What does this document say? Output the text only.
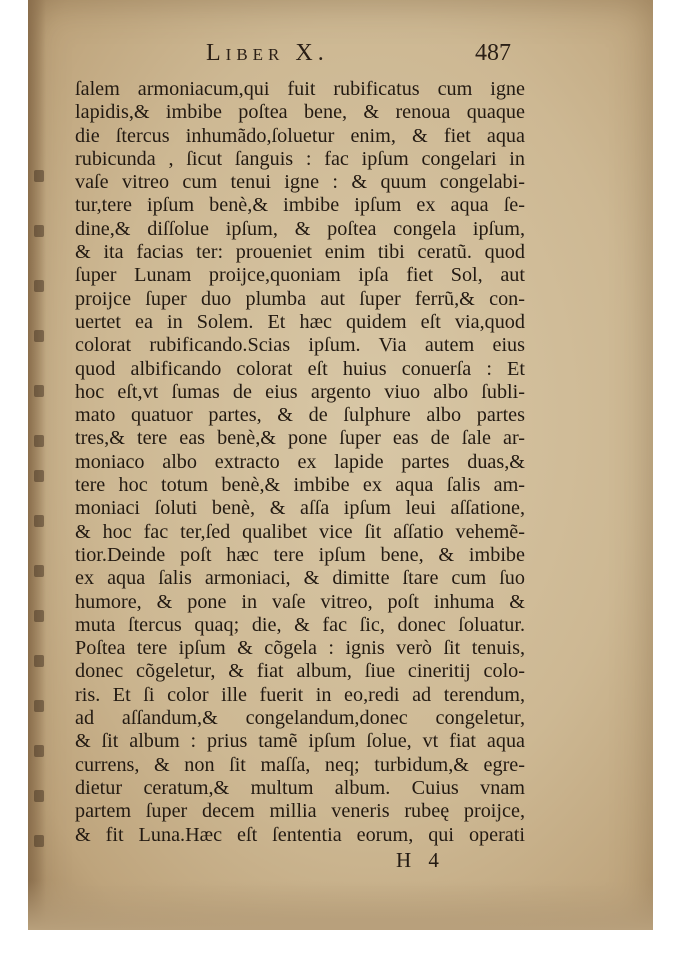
Liber X.	487
ſalem armoniacum,qui fuit rubificatus cum igne
lapidis,& imbibe poſtea bene, & renoua quaque
die ſtercus inhumãdo,ſoluetur enim, & fiet aqua
rubicunda , ſicut ſanguis : fac ipſum congelari in
vaſe vitreo cum tenui igne : & quum congelabi-
tur,tere ipſum benè,& imbibe ipſum ex aqua ſe-
dine,& diſſolue ipſum, & poſtea congela ipſum,
& ita facias ter: proueniet enim tibi ceratũ. quod
ſuper Lunam proijce,quoniam ipſa fiet Sol, aut
proijce ſuper duo plumba aut ſuper ferrũ,& con-
uertet ea in Solem. Et hæc quidem eſt via,quod
colorat rubificando.Scias ipſum. Via autem eius
quod albificando colorat eſt huius conuerſa : Et
hoc eſt,vt ſumas de eius argento viuo albo ſubli-
mato quatuor partes, & de ſulphure albo partes
tres,& tere eas benè,& pone ſuper eas de ſale ar-
moniaco albo extracto ex lapide partes duas,&
tere hoc totum benè,& imbibe ex aqua ſalis am-
moniaci ſoluti benè, & aſſa ipſum leui aſſatione,
& hoc fac ter,ſed qualibet vice ſit aſſatio vehemẽ-
tior.Deinde poſt hæc tere ipſum bene, & imbibe
ex aqua ſalis armoniaci, & dimitte ſtare cum ſuo
humore, & pone in vaſe vitreo, poſt inhuma &
muta ſtercus quaq; die, & fac ſic, donec ſoluatur.
Poſtea tere ipſum & cõgela : ignis verò ſit tenuis,
donec cõgeletur, & fiat album, ſiue cineritij colo-
ris. Et ſi color ille fuerit in eo,redi ad terendum,
ad aſſandum,& congelandum,donec congeletur,
& ſit album : prius tamẽ ipſum ſolue, vt fiat aqua
currens, & non ſit maſſa, neq; turbidum,& egre-
dietur ceratum,& multum album. Cuius vnam
partem ſuper decem millia veneris rubeę proijce,
& fit Luna.Hæc eſt ſententia eorum, qui operati
H 4
